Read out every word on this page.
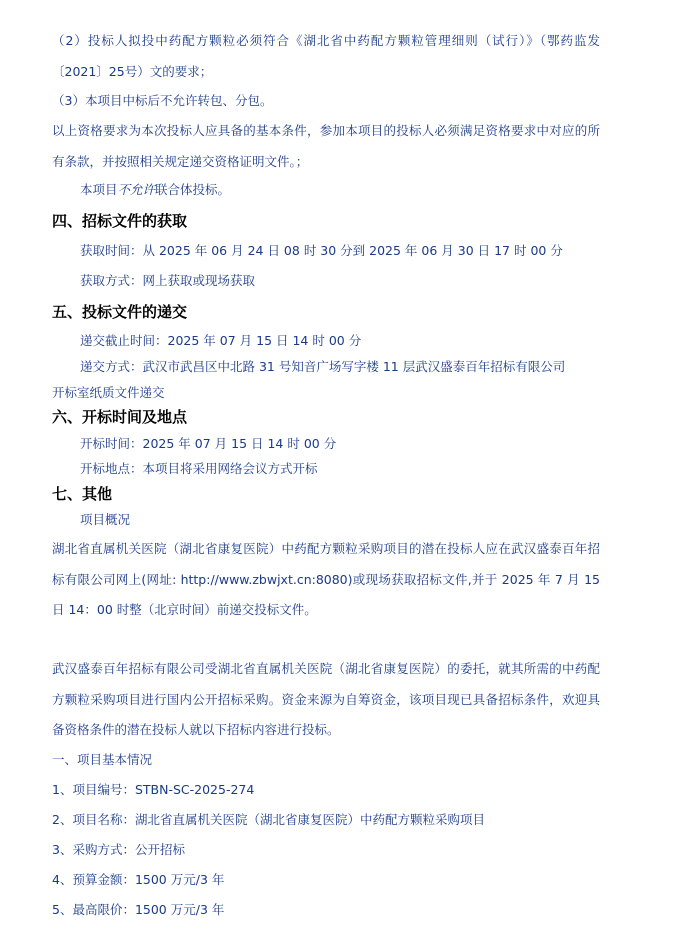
（2）投标人拟投中药配方颗粒必须符合《湖北省中药配方颗粒管理细则（试行）》（鄂药监发〔2021〕25号）文的要求；
（3）本项目中标后不允许转包、分包。
以上资格要求为本次投标人应具备的基本条件，参加本项目的投标人必须满足资格要求中对应的所有条款，并按照相关规定递交资格证明文件。；
本项目不允许联合体投标。
四、招标文件的获取
获取时间：从 2025 年 06 月 24 日 08 时 30 分到 2025 年 06 月 30 日 17 时 00 分
获取方式：网上获取或现场获取
五、投标文件的递交
递交截止时间：2025 年 07 月 15 日 14 时 00 分
递交方式：武汉市武昌区中北路 31 号知音广场写字楼 11 层武汉盛泰百年招标有限公司
开标室纸质文件递交
六、开标时间及地点
开标时间：2025 年 07 月 15 日 14 时 00 分
开标地点：本项目将采用网络会议方式开标
七、其他
项目概况
湖北省直属机关医院（湖北省康复医院）中药配方颗粒采购项目的潜在投标人应在武汉盛泰百年招标有限公司网上(网址: http://www.zbwjxt.cn:8080)或现场获取招标文件,并于 2025 年 7 月 15 日 14：00 时整（北京时间）前递交投标文件。
武汉盛泰百年招标有限公司受湖北省直属机关医院（湖北省康复医院）的委托，就其所需的中药配方颗粒采购项目进行国内公开招标采购。资金来源为自筹资金，该项目现已具备招标条件，欢迎具备资格条件的潜在投标人就以下招标内容进行投标。
一、项目基本情况
1、项目编号：STBN-SC-2025-274
2、项目名称：湖北省直属机关医院（湖北省康复医院）中药配方颗粒采购项目
3、采购方式：公开招标
4、预算金额：1500 万元/3 年
5、最高限价：1500 万元/3 年
